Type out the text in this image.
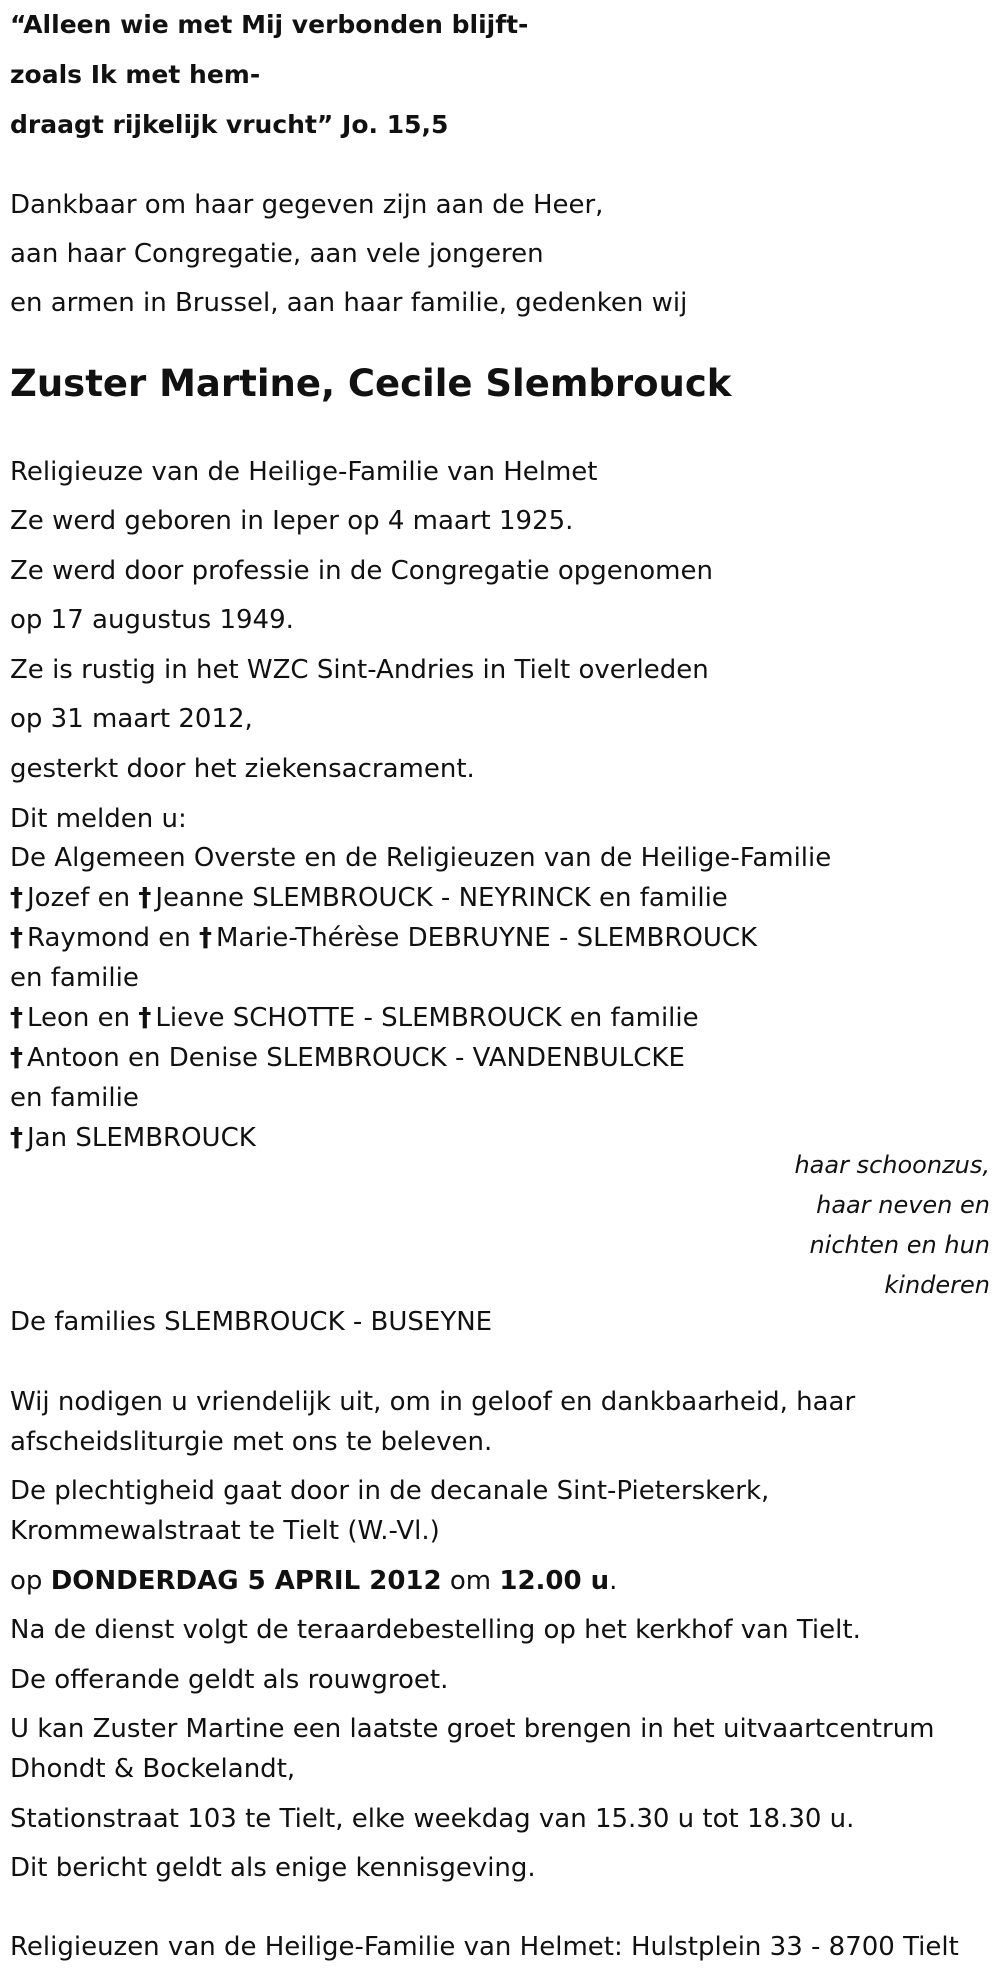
“Alleen wie met Mij verbonden blijft-
zoals Ik met hem-
draagt rijkelijk vrucht” Jo. 15,5
Dankbaar om haar gegeven zijn aan de Heer,
aan haar Congregatie, aan vele jongeren
en armen in Brussel, aan haar familie, gedenken wij
Zuster Martine, Cecile Slembrouck
Religieuze van de Heilige-Familie van Helmet
Ze werd geboren in Ieper op 4 maart 1925.
Ze werd door professie in de Congregatie opgenomen
op 17 augustus 1949.
Ze is rustig in het WZC Sint-Andries in Tielt overleden
op 31 maart 2012,
gesterkt door het ziekensacrament.
Dit melden u:
De Algemeen Overste en de Religieuzen van de Heilige-Familie
† Jozef en † Jeanne SLEMBROUCK - NEYRINCK en familie
† Raymond en † Marie-Thérèse DEBRUYNE - SLEMBROUCK
en familie
† Leon en † Lieve SCHOTTE - SLEMBROUCK en familie
† Antoon en Denise SLEMBROUCK - VANDENBULCKE
en familie
† Jan SLEMBROUCK
haar schoonzus,
haar neven en
nichten en hun
kinderen
De families SLEMBROUCK - BUSEYNE
Wij nodigen u vriendelijk uit, om in geloof en dankbaarheid, haar
afscheidsliturgie met ons te beleven.
De plechtigheid gaat door in de decanale Sint-Pieterskerk,
Krommewalstraat te Tielt (W.-Vl.)
op DONDERDAG 5 APRIL 2012 om 12.00 u.
Na de dienst volgt de teraardebestelling op het kerkhof van Tielt.
De offerande geldt als rouwgroet.
U kan Zuster Martine een laatste groet brengen in het uitvaartcentrum
Dhondt & Bockelandt,
Stationstraat 103 te Tielt, elke weekdag van 15.30 u tot 18.30 u.
Dit bericht geldt als enige kennisgeving.
Religieuzen van de Heilige-Familie van Helmet: Hulstplein 33 - 8700 Tielt
